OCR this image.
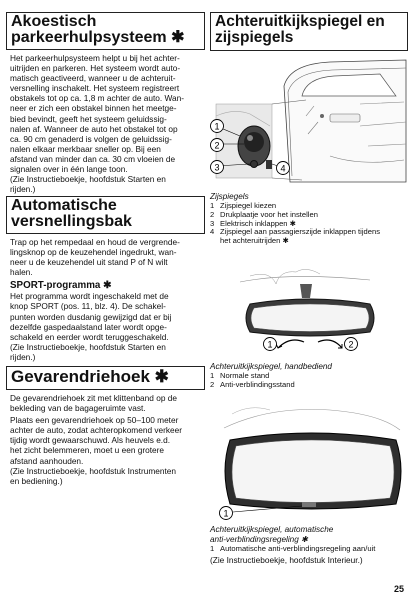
Akoestisch parkeerhulpsysteem ✱
Het parkeerhulpsysteem helpt u bij het achter-
uitrijden en parkeren. Het systeem wordt auto-
matisch geactiveerd, wanneer u de achteruit-
versnelling inschakelt. Het systeem registreert
obstakels tot op ca. 1,8 m achter de auto. Wan-
neer er zich een obstakel binnen het meetge-
bied bevindt, geeft het systeem geluidssig-
nalen af. Wanneer de auto het obstakel tot op
ca. 90 cm genaderd is volgen de geluidssig-
nalen elkaar merkbaar sneller op. Bij een
afstand van minder dan ca. 30 cm vloeien de
signalen over in één lange toon.
(Zie Instructieboekje, hoofdstuk Starten en
rijden.)
Automatische versnellingsbak
Trap op het rempedaal en houd de vergrende-
lingsknop op de keuzehendel ingedrukt, wan-
neer u de keuzehendel uit stand P of N wilt
halen.
SPORT-programma ✱
Het programma wordt ingeschakeld met de
knop SPORT (pos. 11, blz. 4). De schakel-
punten worden dusdanig gewijzigd dat er bij
dezelfde gaspedaalstand later wordt opge-
schakeld en eerder wordt teruggeschakeld.
(Zie Instructieboekje, hoofdstuk Starten en
rijden.)
Gevarendriehoek ✱
De gevarendriehoek zit met klittenband op de
bekleding van de bagageruimte vast.
Plaats een gevarendriehoek op 50–100 meter
achter de auto, zodat achteropkomend verkeer
tijdig wordt gewaarschuwd. Als heuvels e.d.
het zicht belemmeren, moet u een grotere
afstand aanhouden.
(Zie Instructieboekje, hoofdstuk Instrumenten
en bediening.)
Achteruitkijkspiegel en zijspiegels
1
2
3	4
Zijspiegels
1 Zijspiegel kiezen
2 Drukplaatje voor het instellen
3 Elektrisch inklappen ✱
4 Zijspiegel aan passagierszijde inklappen tijdens
het achteruitrijden ✱
1	2
Achteruitkijkspiegel, handbediend
1 Normale stand
2 Anti-verblindingsstand
1
Achteruitkijkspiegel, automatische
anti-verblindingsregeling ✱
1 Automatische anti-verblindingsregeling aan/uit
(Zie Instructieboekje, hoofdstuk Interieur.)
25
